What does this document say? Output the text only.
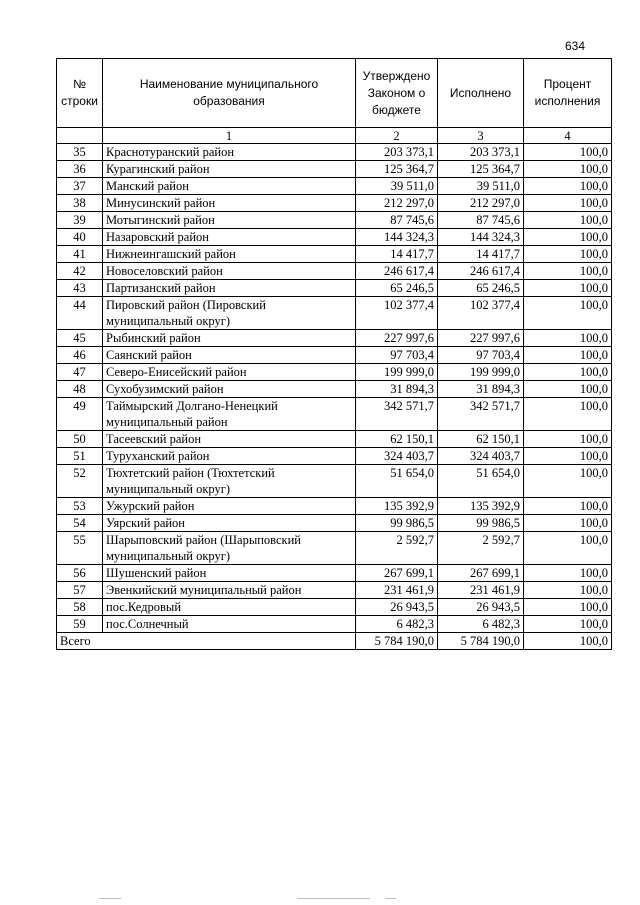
634
№ строки	Наименование муниципального образования	Утверждено Законом о бюджете	Исполнено	Процент исполнения
	1	2	3	4
35	Краснотуранский район	203 373,1	203 373,1	100,0
36	Курагинский район	125 364,7	125 364,7	100,0
37	Манский район	39 511,0	39 511,0	100,0
38	Минусинский район	212 297,0	212 297,0	100,0
39	Мотыгинский район	87 745,6	87 745,6	100,0
40	Назаровский район	144 324,3	144 324,3	100,0
41	Нижнеингашский район	14 417,7	14 417,7	100,0
42	Новоселовский район	246 617,4	246 617,4	100,0
43	Партизанский район	65 246,5	65 246,5	100,0
44	Пировский район (Пировский муниципальный округ)	102 377,4	102 377,4	100,0
45	Рыбинский район	227 997,6	227 997,6	100,0
46	Саянский район	97 703,4	97 703,4	100,0
47	Северо-Енисейский район	199 999,0	199 999,0	100,0
48	Сухобузимский район	31 894,3	31 894,3	100,0
49	Таймырский Долгано-Ненецкий муниципальный район	342 571,7	342 571,7	100,0
50	Тасеевский район	62 150,1	62 150,1	100,0
51	Туруханский район	324 403,7	324 403,7	100,0
52	Тюхтетский район (Тюхтетский муниципальный округ)	51 654,0	51 654,0	100,0
53	Ужурский район	135 392,9	135 392,9	100,0
54	Уярский район	99 986,5	99 986,5	100,0
55	Шарыповский район (Шарыповский муниципальный округ)	2 592,7	2 592,7	100,0
56	Шушенский район	267 699,1	267 699,1	100,0
57	Эвенкийский муниципальный район	231 461,9	231 461,9	100,0
58	пос.Кедровый	26 943,5	26 943,5	100,0
59	пос.Солнечный	6 482,3	6 482,3	100,0
Всего		5 784 190,0	5 784 190,0	100,0
